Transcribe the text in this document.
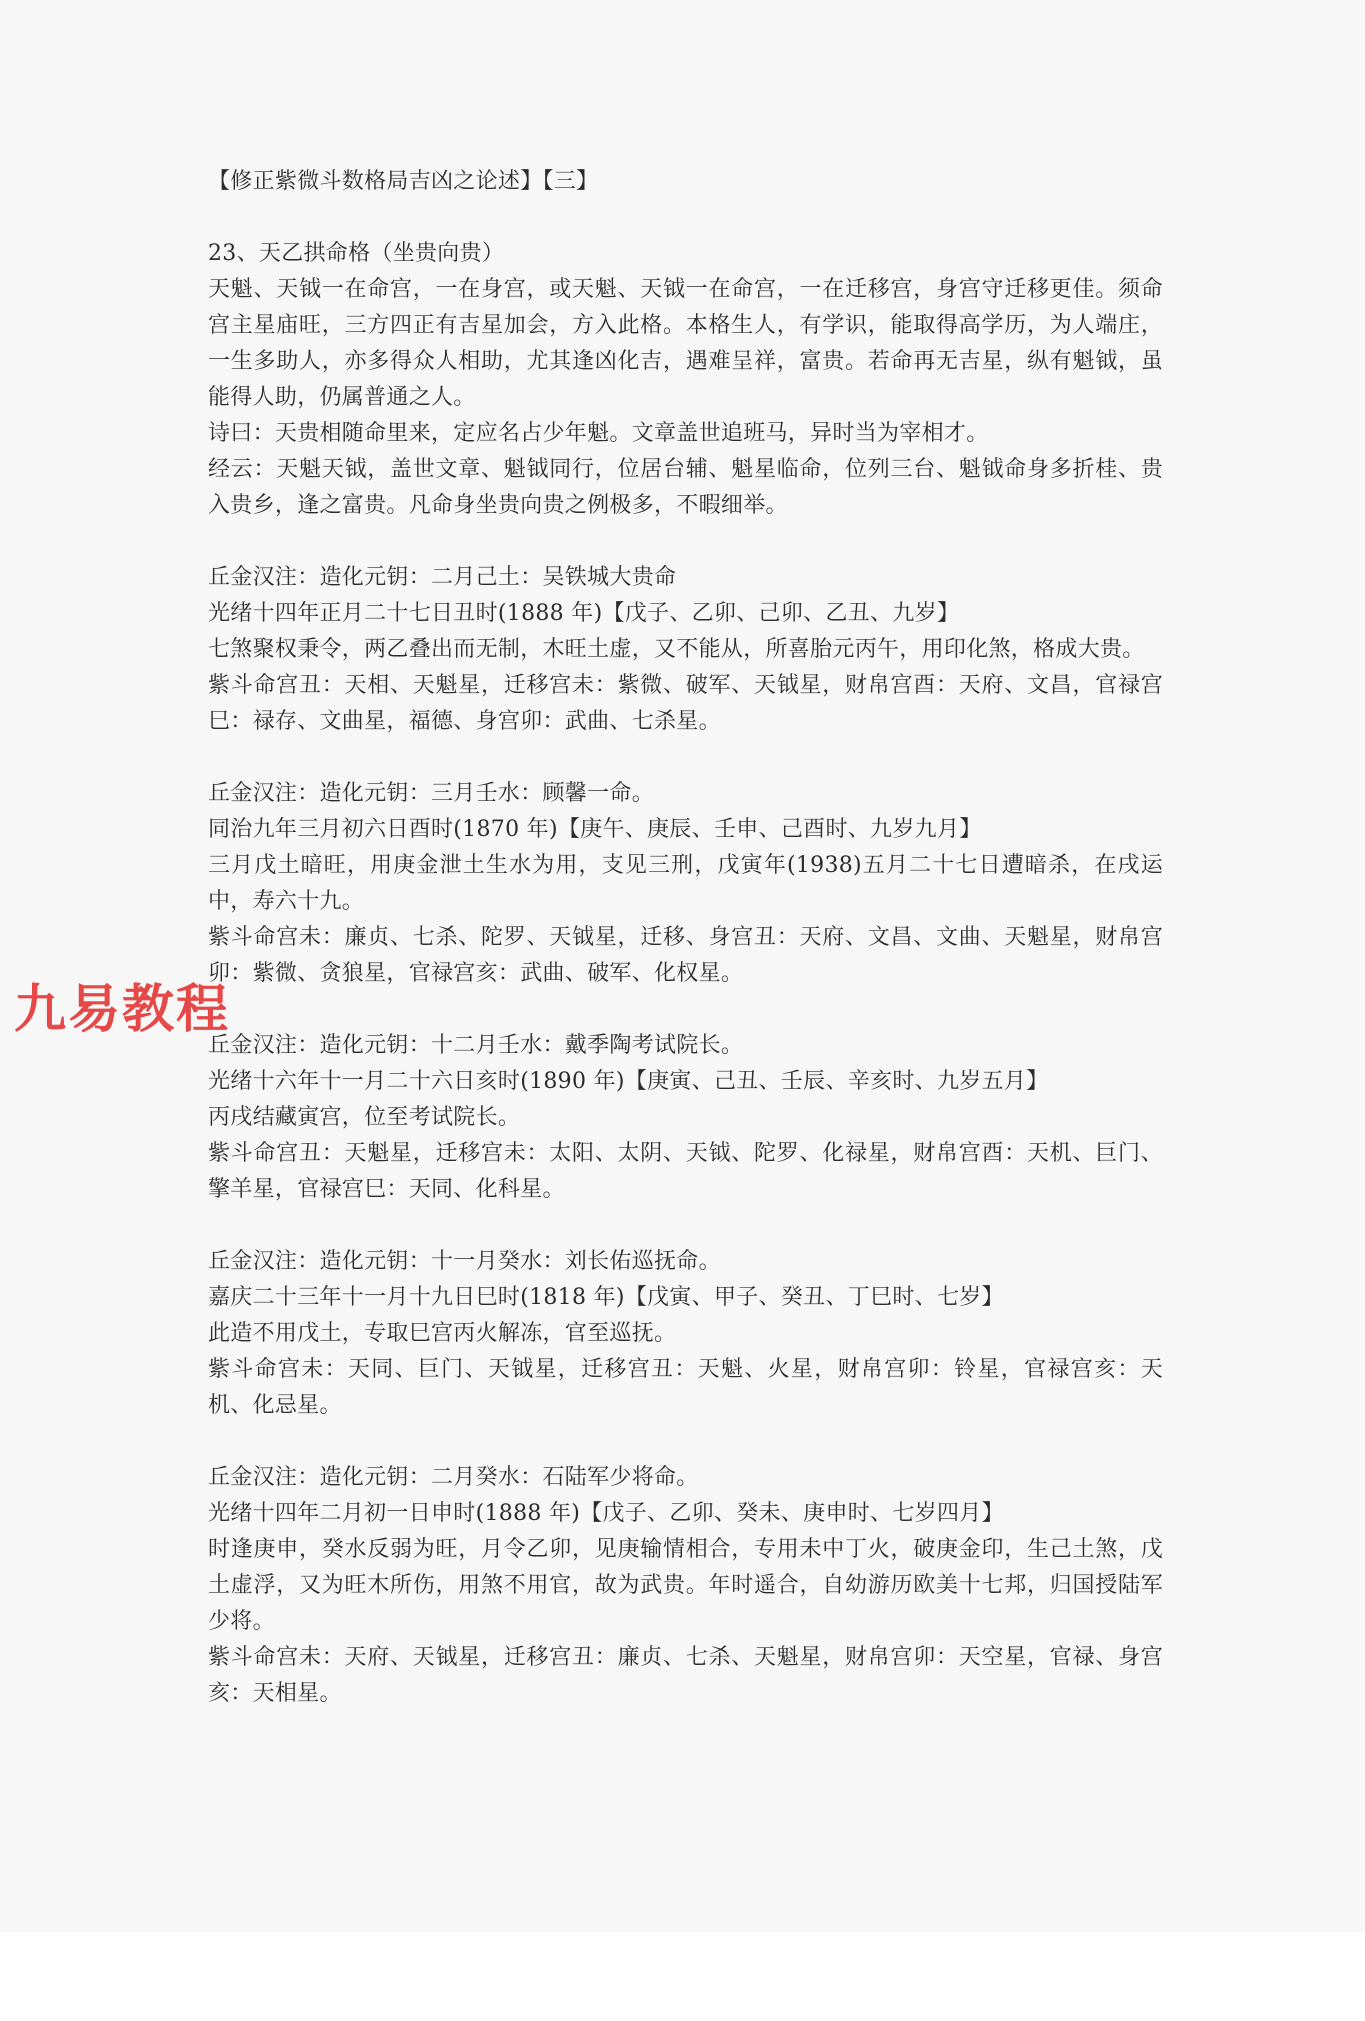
【修正紫微斗数格局吉凶之论述】【三】

23、天乙拱命格（坐贵向贵）

天魁、天钺一在命宫，一在身宫，或天魁、天钺一在命宫，一在迁移宫，身宫守迁移更佳。须命宫主星庙旺，三方四正有吉星加会，方入此格。本格生人，有学识，能取得高学历，为人端庄，一生多助人，亦多得众人相助，尤其逢凶化吉，遇难呈祥，富贵。若命再无吉星，纵有魁钺，虽能得人助，仍属普通之人。

诗曰：天贵相随命里来，定应名占少年魁。文章盖世追班马，异时当为宰相才。

经云：天魁天钺，盖世文章、魁钺同行，位居台辅、魁星临命，位列三台、魁钺命身多折桂、贵入贵乡，逢之富贵。凡命身坐贵向贵之例极多，不暇细举。

丘金汉注：造化元钥：二月己土：吴铁城大贵命

光绪十四年正月二十七日丑时(1888 年)【戊子、乙卯、己卯、乙丑、九岁】

七煞聚权秉令，两乙叠出而无制，木旺土虚，又不能从，所喜胎元丙午，用印化煞，格成大贵。

紫斗命宫丑：天相、天魁星，迁移宫未：紫微、破军、天钺星，财帛宫酉：天府、文昌，官禄宫巳：禄存、文曲星，福德、身宫卯：武曲、七杀星。

丘金汉注：造化元钥：三月壬水：顾馨一命。

同治九年三月初六日酉时(1870 年)【庚午、庚辰、壬申、己酉时、九岁九月】

三月戊土暗旺，用庚金泄土生水为用，支见三刑，戊寅年(1938)五月二十七日遭暗杀，在戌运中，寿六十九。

紫斗命宫未：廉贞、七杀、陀罗、天钺星，迁移、身宫丑：天府、文昌、文曲、天魁星，财帛宫卯：紫微、贪狼星，官禄宫亥：武曲、破军、化权星。

丘金汉注：造化元钥：十二月壬水：戴季陶考试院长。

光绪十六年十一月二十六日亥时(1890 年)【庚寅、己丑、壬辰、辛亥时、九岁五月】

丙戌结藏寅宫，位至考试院长。

紫斗命宫丑：天魁星，迁移宫未：太阳、太阴、天钺、陀罗、化禄星，财帛宫酉：天机、巨门、擎羊星，官禄宫巳：天同、化科星。

丘金汉注：造化元钥：十一月癸水：刘长佑巡抚命。

嘉庆二十三年十一月十九日巳时(1818 年)【戊寅、甲子、癸丑、丁巳时、七岁】

此造不用戊土，专取巳宫丙火解冻，官至巡抚。

紫斗命宫未：天同、巨门、天钺星，迁移宫丑：天魁、火星，财帛宫卯：铃星，官禄宫亥：天机、化忌星。

丘金汉注：造化元钥：二月癸水：石陆军少将命。

光绪十四年二月初一日申时(1888 年)【戊子、乙卯、癸未、庚申时、七岁四月】

时逢庚申，癸水反弱为旺，月令乙卯，见庚输情相合，专用未中丁火，破庚金印，生己土煞，戊土虚浮，又为旺木所伤，用煞不用官，故为武贵。年时遥合，自幼游历欧美十七邦，归国授陆军少将。

紫斗命宫未：天府、天钺星，迁移宫丑：廉贞、七杀、天魁星，财帛宫卯：天空星，官禄、身宫亥：天相星。

九易教程
